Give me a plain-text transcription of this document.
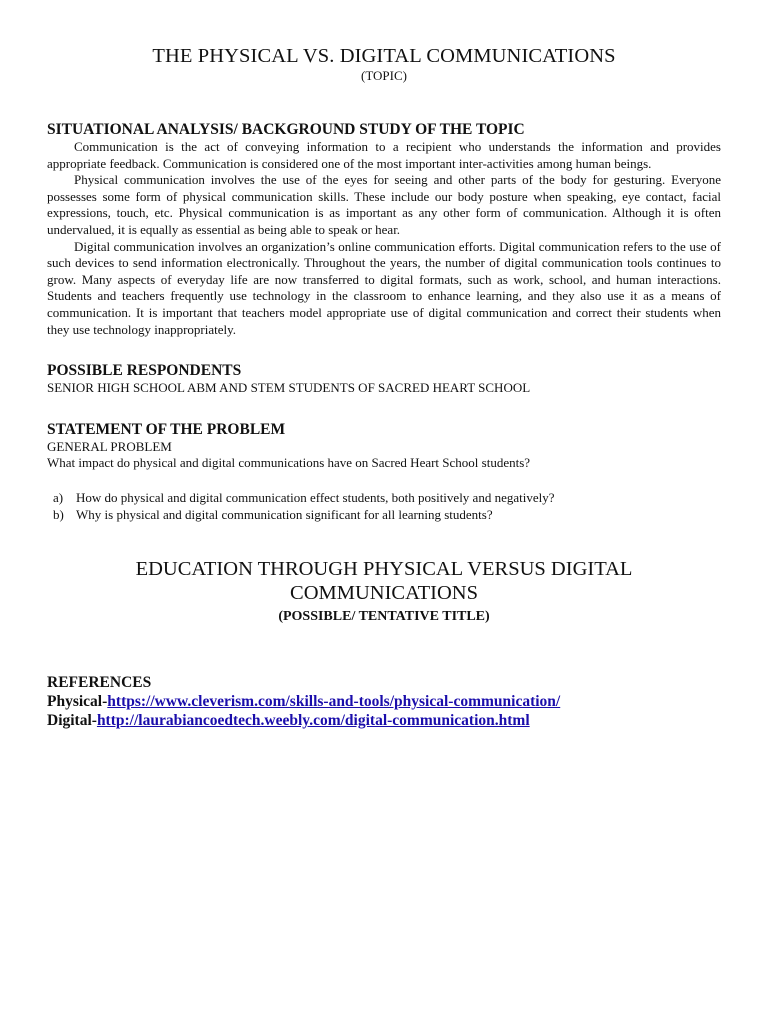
THE PHYSICAL VS. DIGITAL COMMUNICATIONS
(TOPIC)
SITUATIONAL ANALYSIS/ BACKGROUND STUDY OF THE TOPIC

Communication is the act of conveying information to a recipient who understands the information and provides appropriate feedback. Communication is considered one of the most important inter-activities among human beings.

Physical communication involves the use of the eyes for seeing and other parts of the body for gesturing. Everyone possesses some form of physical communication skills. These include our body posture when speaking, eye contact, facial expressions, touch, etc. Physical communication is as important as any other form of communication. Although it is often undervalued, it is equally as essential as being able to speak or hear.

Digital communication involves an organization’s online communication efforts. Digital communication refers to the use of such devices to send information electronically. Throughout the years, the number of digital communication tools continues to grow. Many aspects of everyday life are now transferred to digital formats, such as work, school, and human interactions. Students and teachers frequently use technology in the classroom to enhance learning, and they also use it as a means of communication. It is important that teachers model appropriate use of digital communication and correct their students when they use technology inappropriately.

POSSIBLE RESPONDENTS

SENIOR HIGH SCHOOL ABM AND STEM STUDENTS OF SACRED HEART SCHOOL

STATEMENT OF THE PROBLEM

GENERAL PROBLEM

What impact do physical and digital communications have on Sacred Heart School students?

a) How do physical and digital communication effect students, both positively and negatively?
b) Why is physical and digital communication significant for all learning students?
EDUCATION THROUGH PHYSICAL VERSUS DIGITAL
COMMUNICATIONS
(POSSIBLE/ TENTATIVE TITLE)
REFERENCES
Physical-https://www.cleverism.com/skills-and-tools/physical-communication/
Digital-http://laurabiancoedtech.weebly.com/digital-communication.html
